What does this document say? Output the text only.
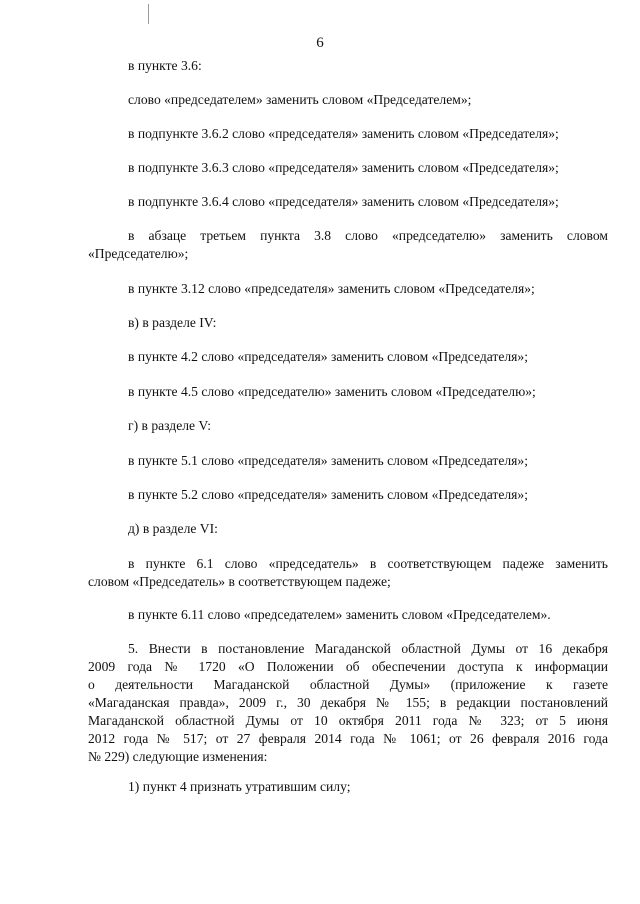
6
в пункте 3.6:
слово «председателем» заменить словом «Председателем»;
в подпункте 3.6.2 слово «председателя» заменить словом «Председателя»;
в подпункте 3.6.3 слово «председателя» заменить словом «Председателя»;
в подпункте 3.6.4 слово «председателя» заменить словом «Председателя»;
в абзаце третьем пункта 3.8 слово «председателю» заменить словом
«Председателю»;
в пункте 3.12 слово «председателя» заменить словом «Председателя»;
в) в разделе IV:
в пункте 4.2 слово «председателя» заменить словом «Председателя»;
в пункте 4.5 слово «председателю» заменить словом «Председателю»;
г) в разделе V:
в пункте 5.1 слово «председателя» заменить словом «Председателя»;
в пункте 5.2 слово «председателя» заменить словом «Председателя»;
д) в разделе VI:
в пункте 6.1 слово «председатель» в соответствующем падеже заменить
словом «Председатель» в соответствующем падеже;
в пункте 6.11 слово «председателем» заменить словом «Председателем».
5. Внести в постановление Магаданской областной Думы от 16 декабря
2009 года № 1720 «О Положении об обеспечении доступа к информации
о деятельности Магаданской областной Думы» (приложение к газете
«Магаданская правда», 2009 г., 30 декабря № 155; в редакции постановлений
Магаданской областной Думы от 10 октября 2011 года № 323; от 5 июня
2012 года № 517; от 27 февраля 2014 года № 1061; от 26 февраля 2016 года
№ 229) следующие изменения:
1) пункт 4 признать утратившим силу;
